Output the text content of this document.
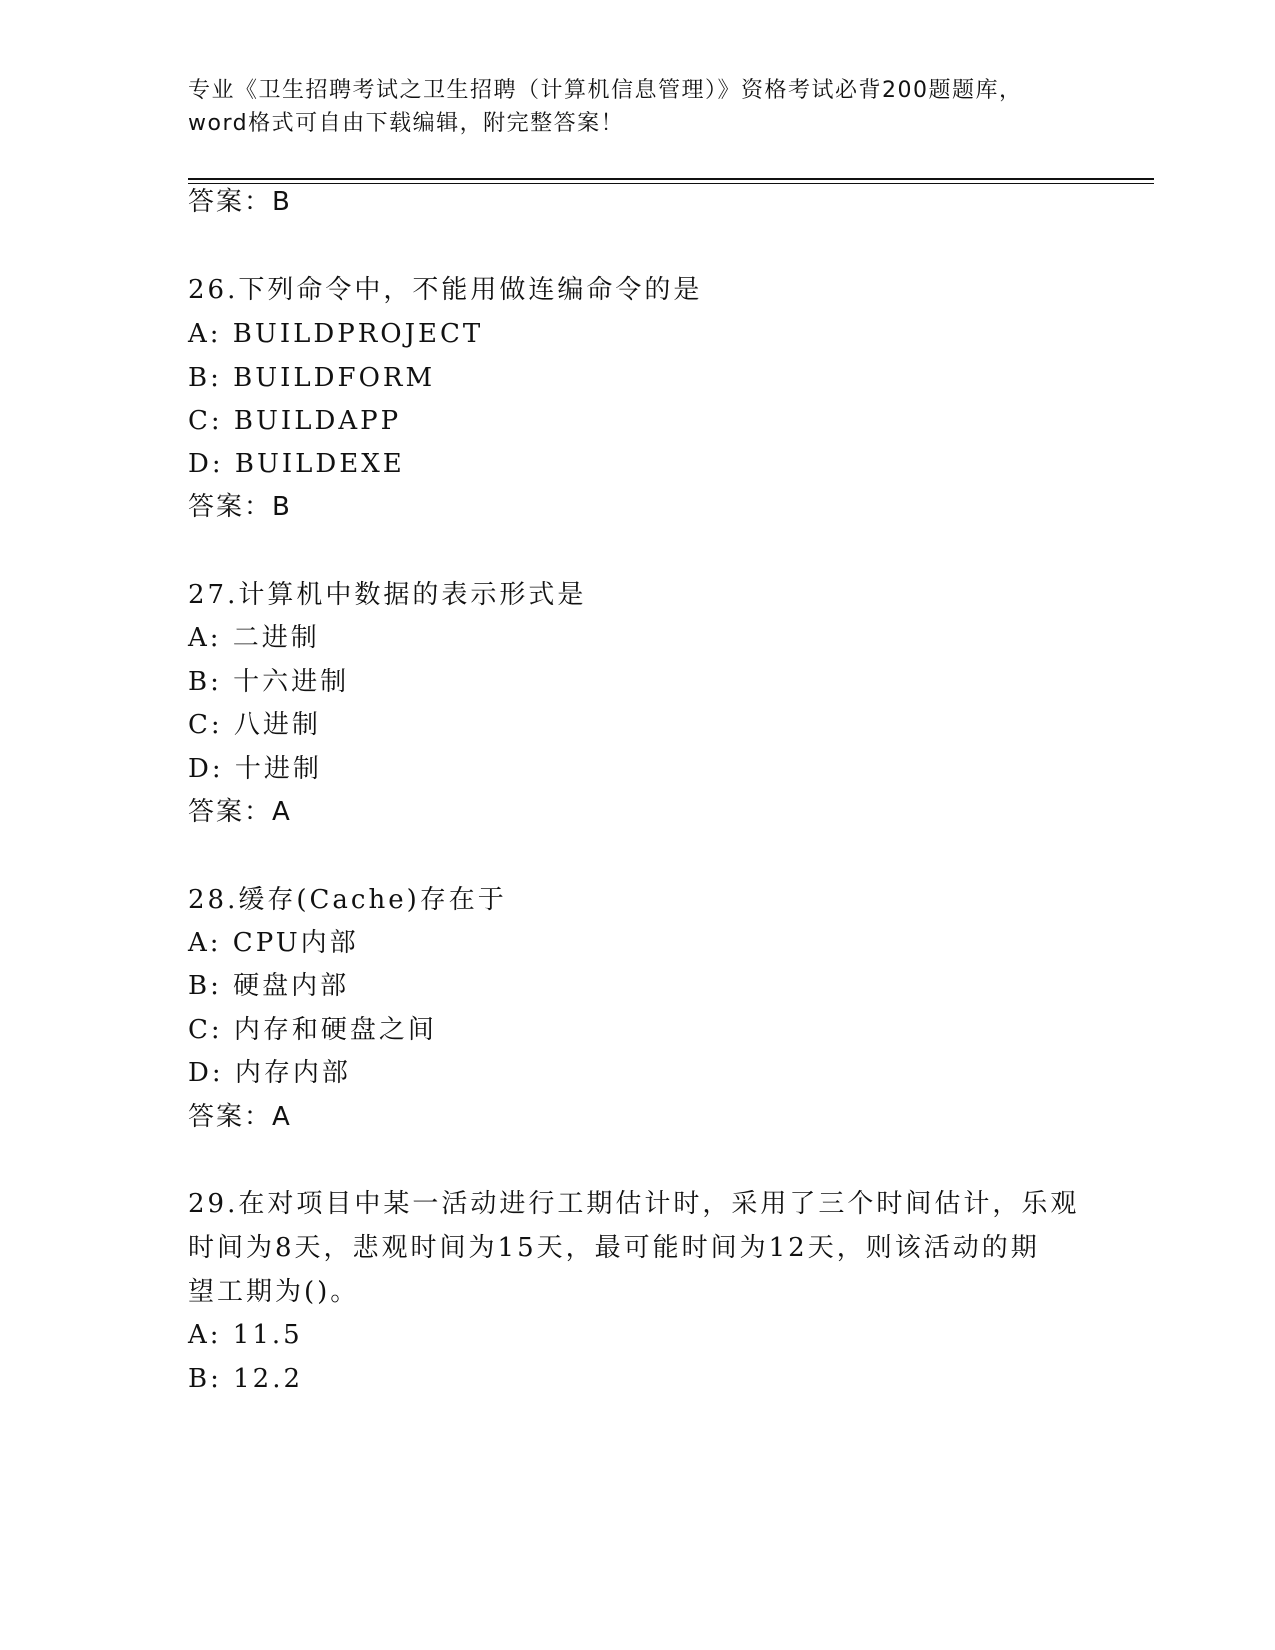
专业《卫生招聘考试之卫生招聘（计算机信息管理）》资格考试必背200题题库，
word格式可自由下载编辑，附完整答案！
答案：B
26.下列命令中，不能用做连编命令的是
A: BUILDPROJECT
B: BUILDFORM
C: BUILDAPP
D: BUILDEXE
答案：B
27.计算机中数据的表示形式是
A: 二进制
B: 十六进制
C: 八进制
D: 十进制
答案：A
28.缓存(Cache)存在于
A: CPU内部
B: 硬盘内部
C: 内存和硬盘之间
D: 内存内部
答案：A
29.在对项目中某一活动进行工期估计时，采用了三个时间估计，乐观
时间为8天，悲观时间为15天，最可能时间为12天，则该活动的期
望工期为()。
A: 11.5
B: 12.2
